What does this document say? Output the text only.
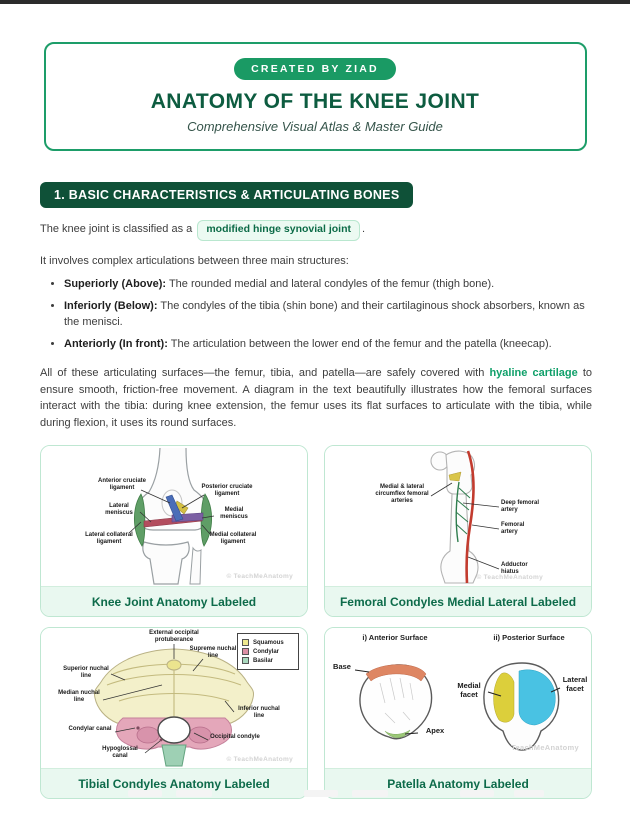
CREATED BY ZIAD
ANATOMY OF THE KNEE JOINT
Comprehensive Visual Atlas & Master Guide
1. BASIC CHARACTERISTICS & ARTICULATING BONES

The knee joint is classified as a modified hinge synovial joint .

It involves complex articulations between three main structures:

• Superiorly (Above): The rounded medial and lateral condyles of the femur (thigh bone).
• Inferiorly (Below): The condyles of the tibia (shin bone) and their cartilaginous shock absorbers, known as the menisci.
• Anteriorly (In front): The articulation between the lower end of the femur and the patella (kneecap).

All of these articulating surfaces—the femur, tibia, and patella—are safely covered with hyaline cartilage to ensure smooth, friction-free movement. A diagram in the text beautifully illustrates how the femoral surfaces interact with the tibia: during knee extension, the femur uses its flat surfaces to articulate with the tibia, while during flexion, it uses its round surfaces.

Anterior cruciate ligament	Posterior cruciate ligament
Lateral meniscus	Medial meniscus
Lateral collateral ligament
Medial collateral ligament
© TeachMeAnatomy
Knee Joint Anatomy Labeled
Medial & lateral circumflex femoral arteries	Deep femoral artery
Femoral artery
Adductor hiatus
© TeachMeAnatomy
Femoral Condyles Medial Lateral Labeled
External occipital protuberance
Supreme nuchal line
Superior nuchal line
Median nuchal line
Inferior nuchal line
Condylar canal
Hypoglossal canal
Occipital condyle
Squamous
Condylar
Basilar
© TeachMeAnatomy
Tibial Condyles Anatomy Labeled
i) Anterior Surface	ii) Posterior Surface
Base
Apex
Medial facet
Lateral facet
TeachMeAnatomy
Patella Anatomy Labeled
